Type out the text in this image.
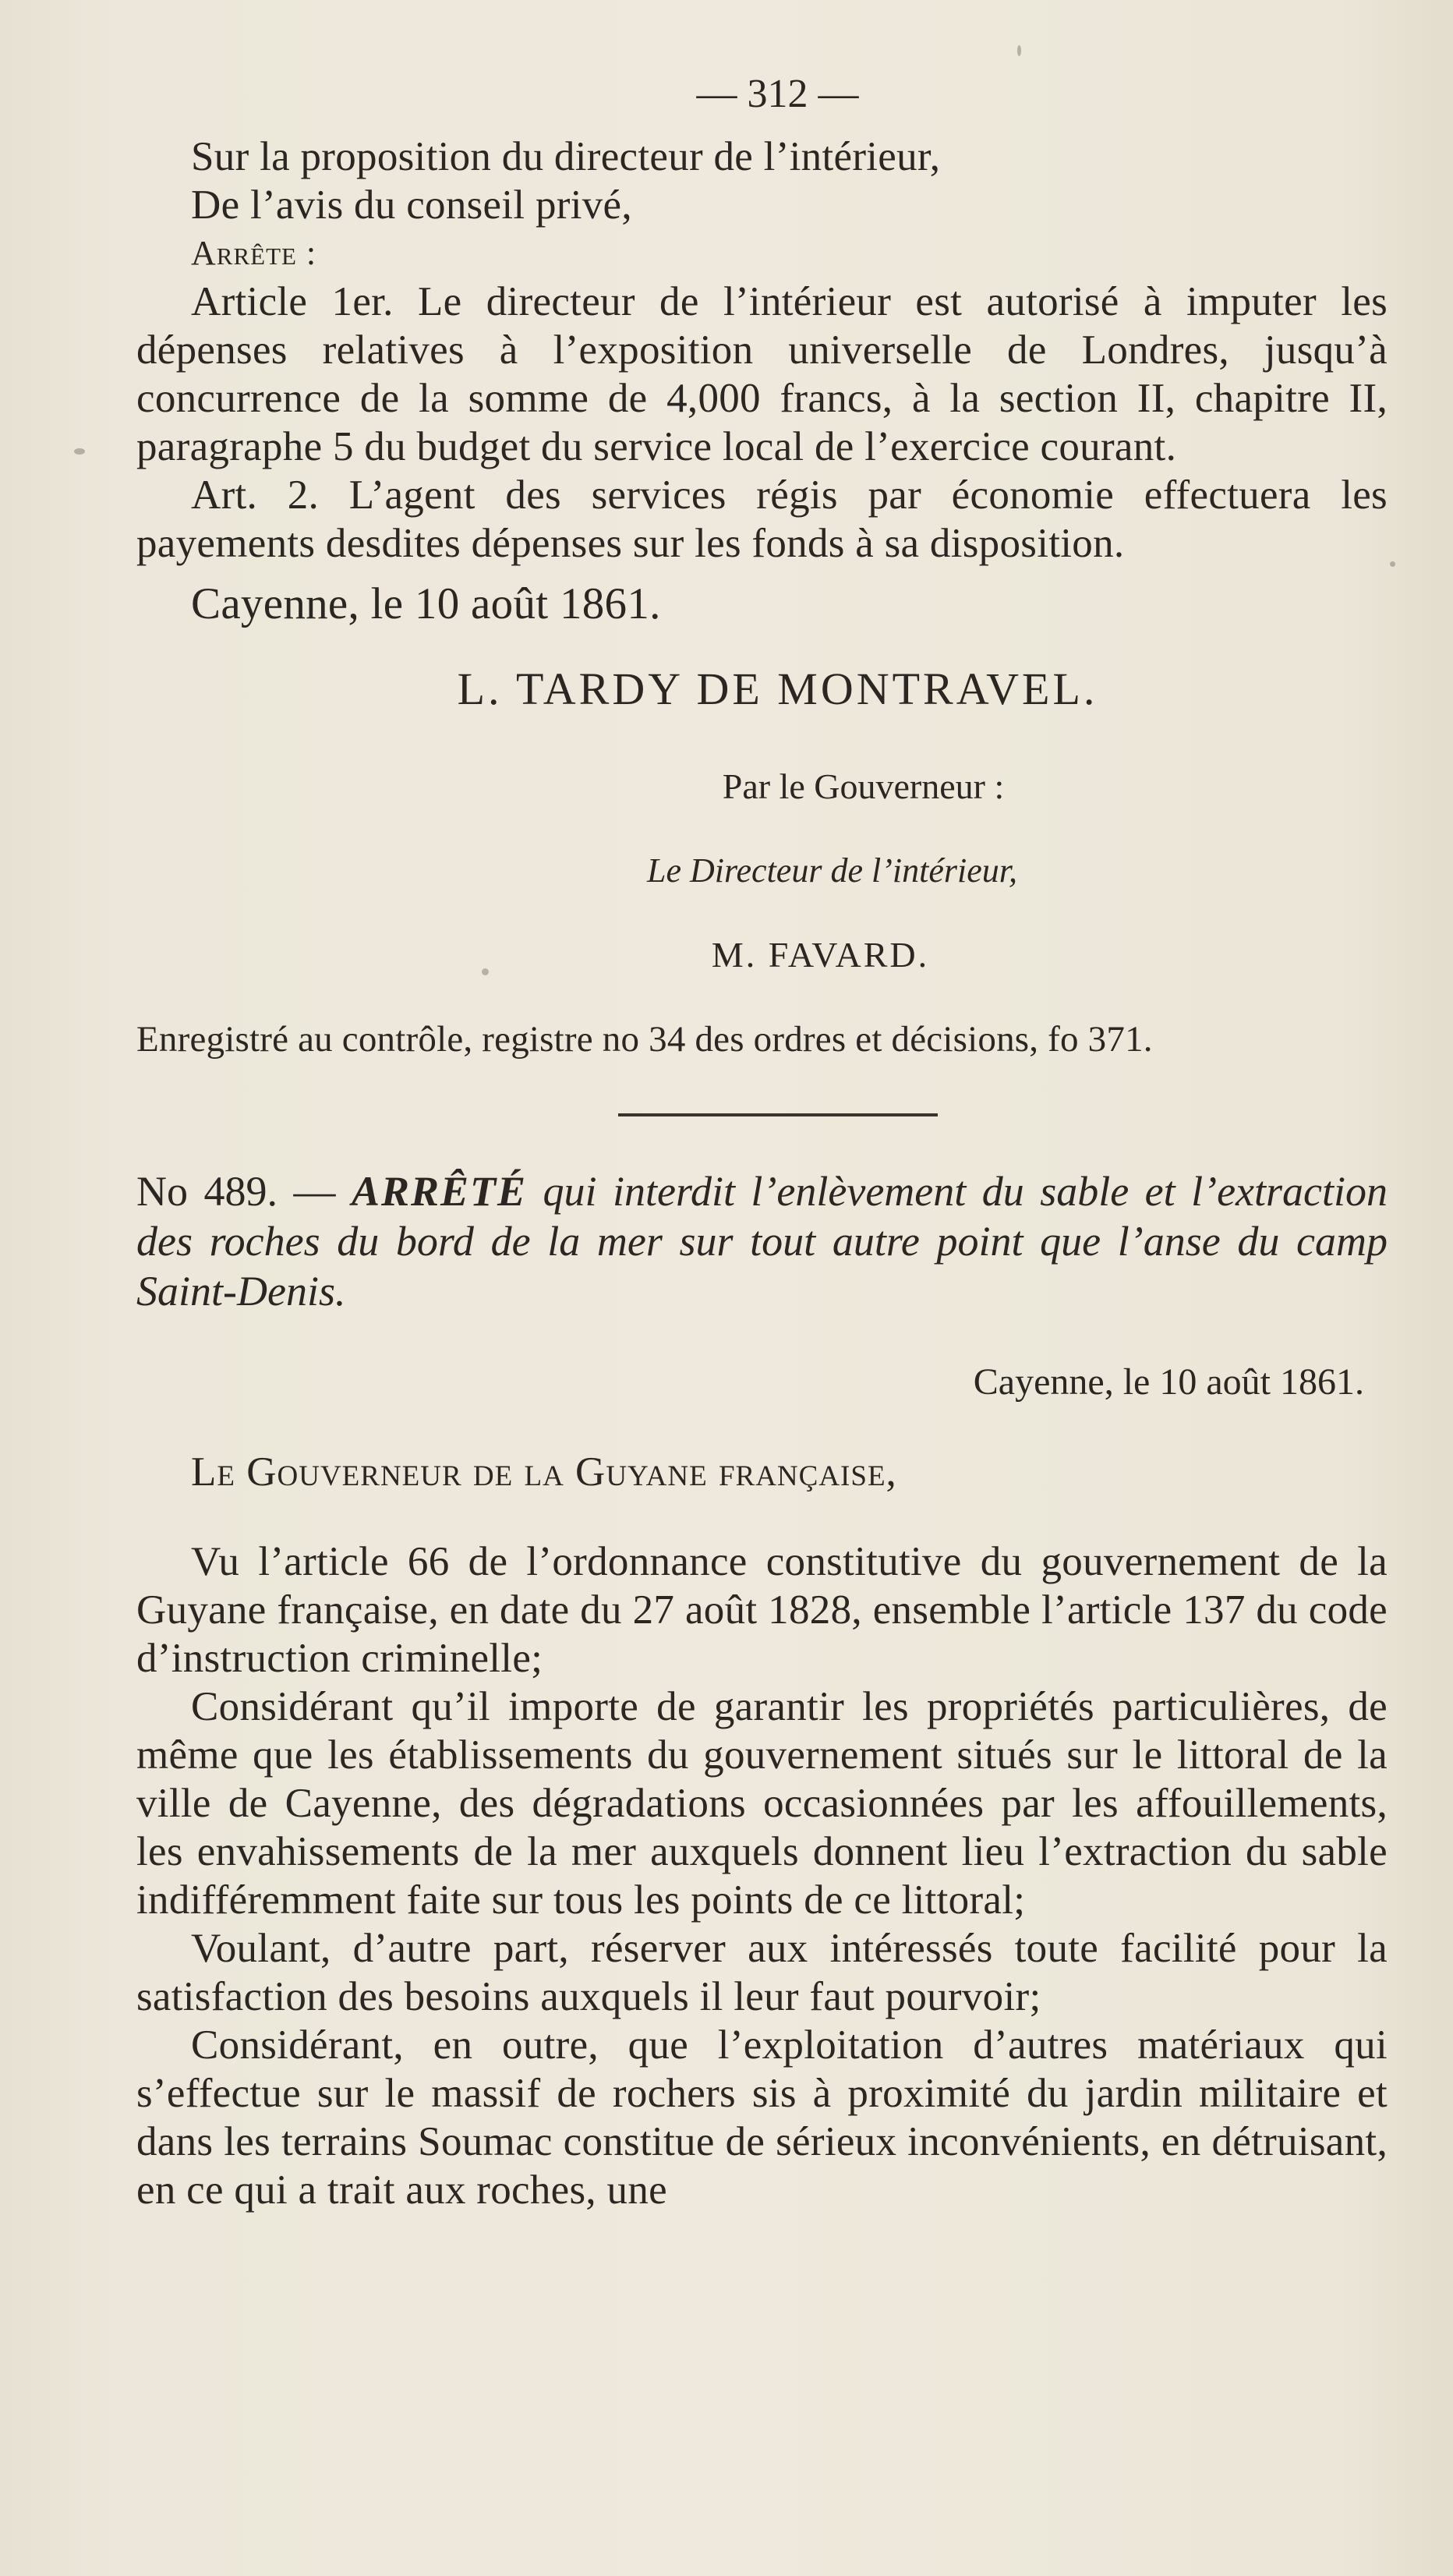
— 312 —

Sur la proposition du directeur de l’intérieur,

De l’avis du conseil privé,

Arrête :

Article 1er. Le directeur de l’intérieur est autorisé à imputer les dépenses relatives à l’exposition universelle de Londres, jusqu’à concurrence de la somme de 4,000 francs, à la section II, chapitre II, paragraphe 5 du budget du service local de l’exercice courant.

Art. 2. L’agent des services régis par économie effectuera les payements desdites dépenses sur les fonds à sa disposition.

Cayenne, le 10 août 1861.

L. TARDY DE MONTRAVEL.

Par le Gouverneur :

Le Directeur de l’intérieur,

M. FAVARD.

Enregistré au contrôle, registre no 34 des ordres et décisions, fo 371.

No 489. — ARRÊTÉ qui interdit l’enlèvement du sable et l’extraction des roches du bord de la mer sur tout autre point que l’anse du camp Saint-Denis.

Cayenne, le 10 août 1861.

Le Gouverneur de la Guyane française,

Vu l’article 66 de l’ordonnance constitutive du gouvernement de la Guyane française, en date du 27 août 1828, ensemble l’article 137 du code d’instruction criminelle;

Considérant qu’il importe de garantir les propriétés particulières, de même que les établissements du gouvernement situés sur le littoral de la ville de Cayenne, des dégradations occasionnées par les affouillements, les envahissements de la mer auxquels donnent lieu l’extraction du sable indifféremment faite sur tous les points de ce littoral;

Voulant, d’autre part, réserver aux intéressés toute facilité pour la satisfaction des besoins auxquels il leur faut pourvoir;

Considérant, en outre, que l’exploitation d’autres matériaux qui s’effectue sur le massif de rochers sis à proximité du jardin militaire et dans les terrains Soumac constitue de sérieux inconvénients, en détruisant, en ce qui a trait aux roches, une
